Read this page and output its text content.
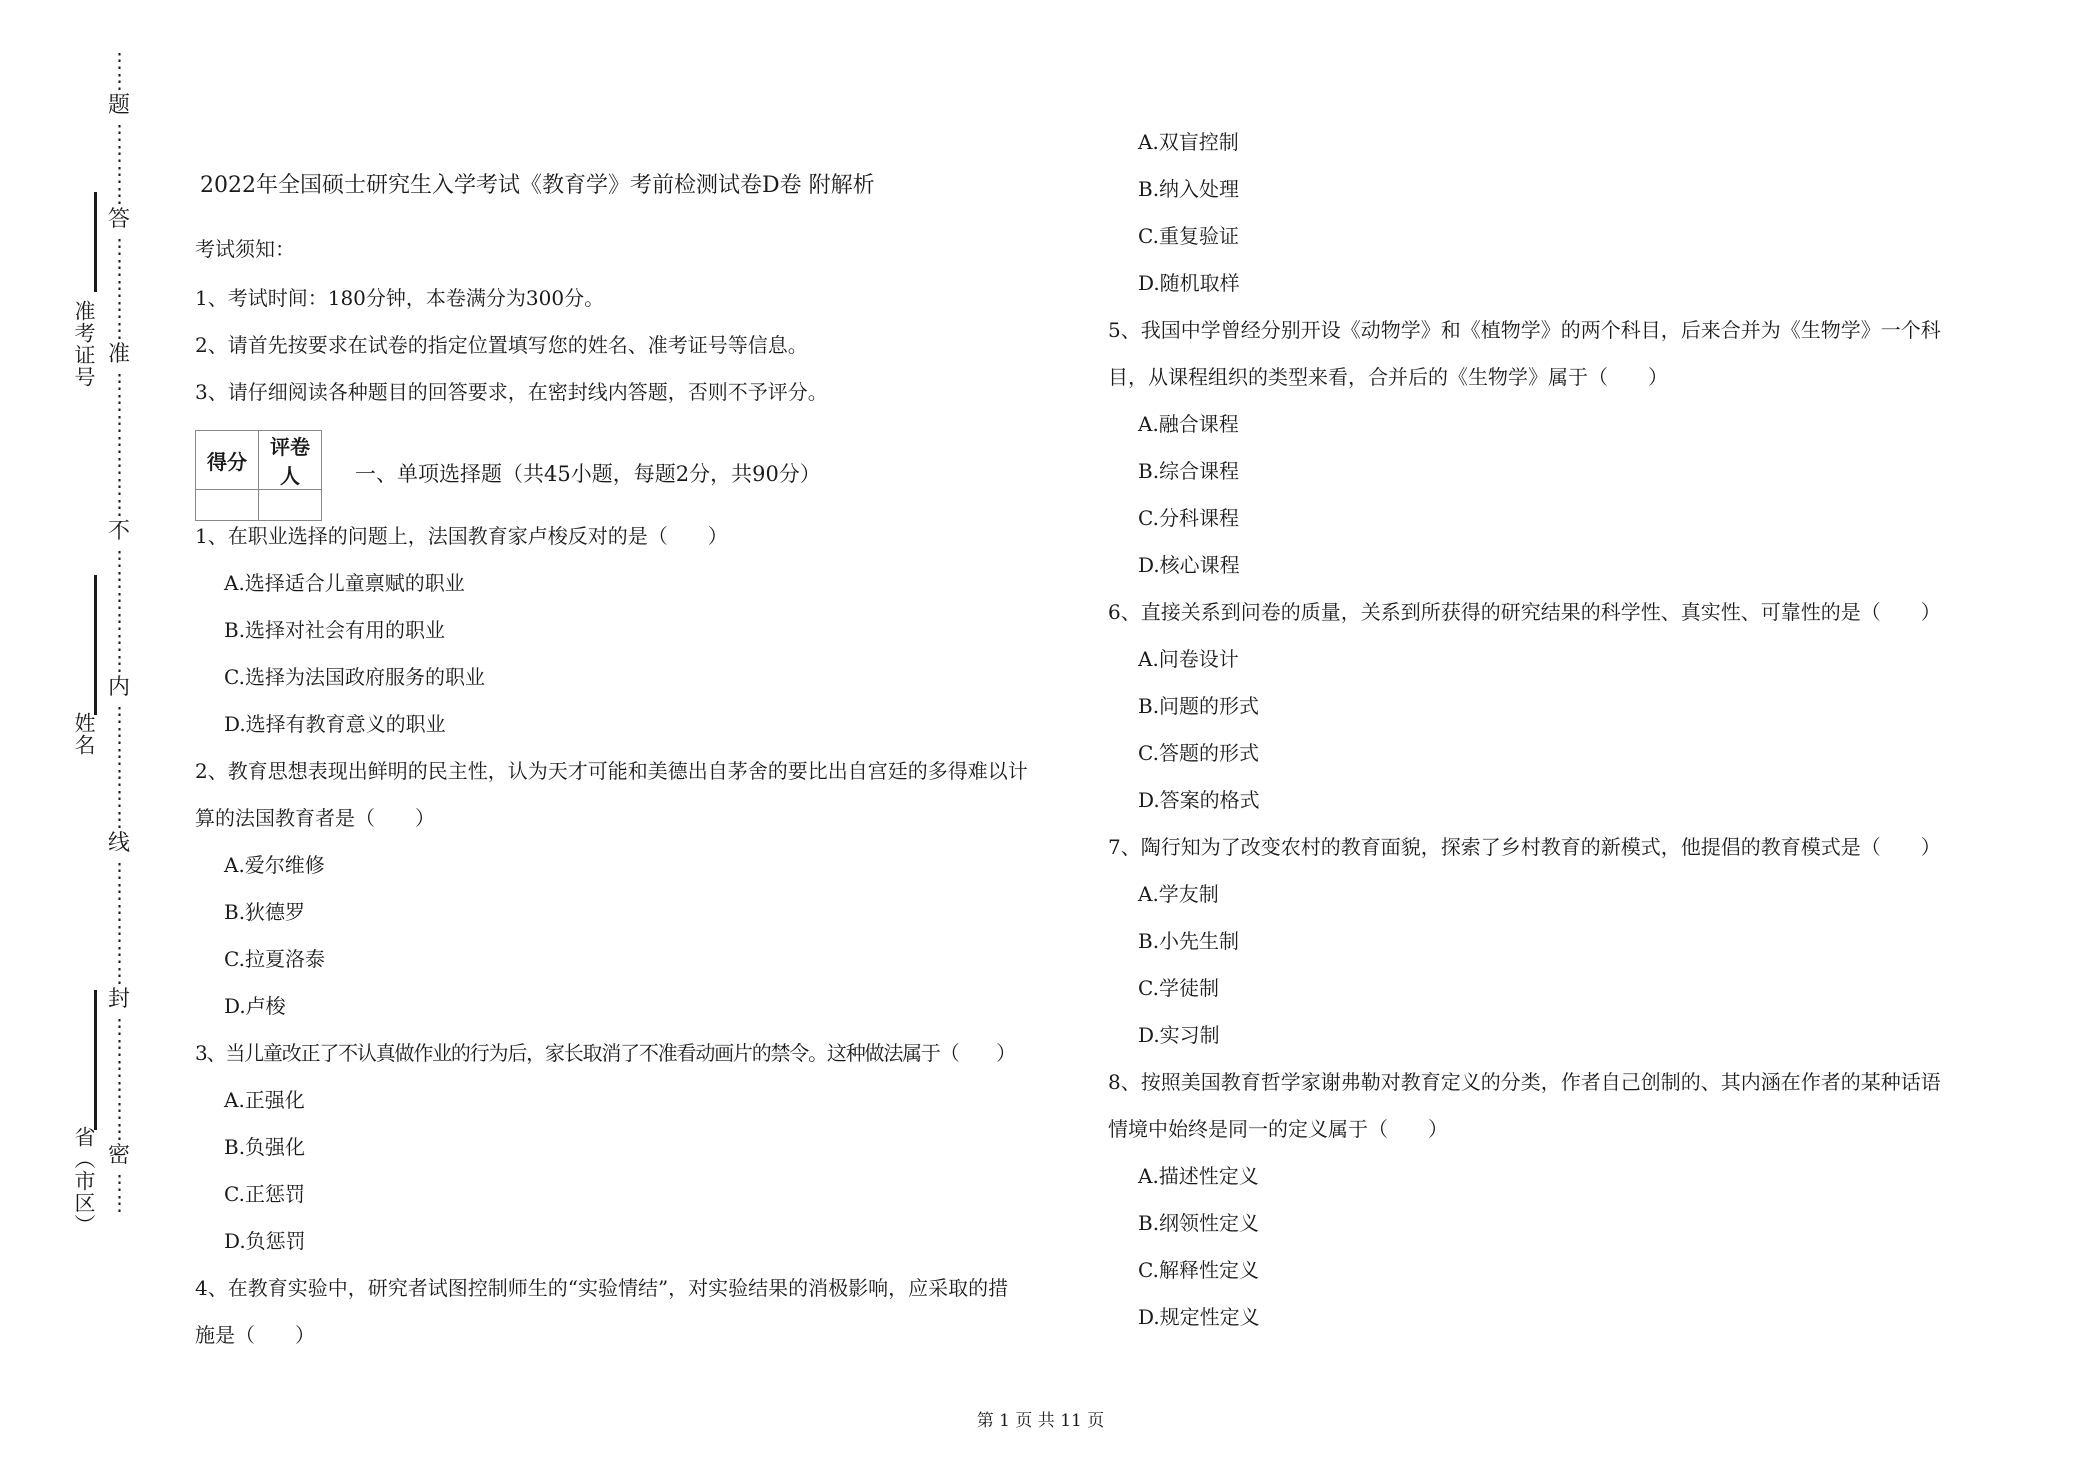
准考证号
姓名
省（市区）
⋮
⋮
题
⋮
⋮
⋮
⋮
答
⋮
⋮
⋮
⋮
⋮
准
⋮
⋮
⋮
⋮
⋮
⋮
⋮
不
⋮
⋮
⋮
⋮
⋮
⋮
内
⋮
⋮
⋮
⋮
⋮
⋮
线
⋮
⋮
⋮
⋮
⋮
⋮
封
⋮
⋮
⋮
⋮
⋮
⋮
密
⋮
⋮
2022年全国硕士研究生入学考试《教育学》考前检测试卷D卷 附解析
考试须知：
1、考试时间：180分钟，本卷满分为300分。
2、请首先按要求在试卷的指定位置填写您的姓名、准考证号等信息。
3、请仔细阅读各种题目的回答要求，在密封线内答题，否则不予评分。
得分	评卷人
		一、单项选择题（共45小题，每题2分，共90分）
1、在职业选择的问题上，法国教育家卢梭反对的是（　　）
A.选择适合儿童禀赋的职业
B.选择对社会有用的职业
C.选择为法国政府服务的职业
D.选择有教育意义的职业
2、教育思想表现出鲜明的民主性，认为天才可能和美德出自茅舍的要比出自宫廷的多得难以计
算的法国教育者是（　　）
A.爱尔维修
B.狄德罗
C.拉夏洛泰
D.卢梭
3、当儿童改正了不认真做作业的行为后，家长取消了不准看动画片的禁令。这种做法属于（　　）
A.正强化
B.负强化
C.正惩罚
D.负惩罚
4、在教育实验中，研究者试图控制师生的“实验情结”，对实验结果的消极影响，应采取的措
施是（　　）
A.双盲控制
B.纳入处理
C.重复验证
D.随机取样
5、我国中学曾经分别开设《动物学》和《植物学》的两个科目，后来合并为《生物学》一个科
目，从课程组织的类型来看，合并后的《生物学》属于（　　）
A.融合课程
B.综合课程
C.分科课程
D.核心课程
6、直接关系到问卷的质量，关系到所获得的研究结果的科学性、真实性、可靠性的是（　　）
A.问卷设计
B.问题的形式
C.答题的形式
D.答案的格式
7、陶行知为了改变农村的教育面貌，探索了乡村教育的新模式，他提倡的教育模式是（　　）
A.学友制
B.小先生制
C.学徒制
D.实习制
8、按照美国教育哲学家谢弗勒对教育定义的分类，作者自己创制的、其内涵在作者的某种话语
情境中始终是同一的定义属于（　　）
A.描述性定义
B.纲领性定义
C.解释性定义
D.规定性定义
第 1 页 共 11 页
